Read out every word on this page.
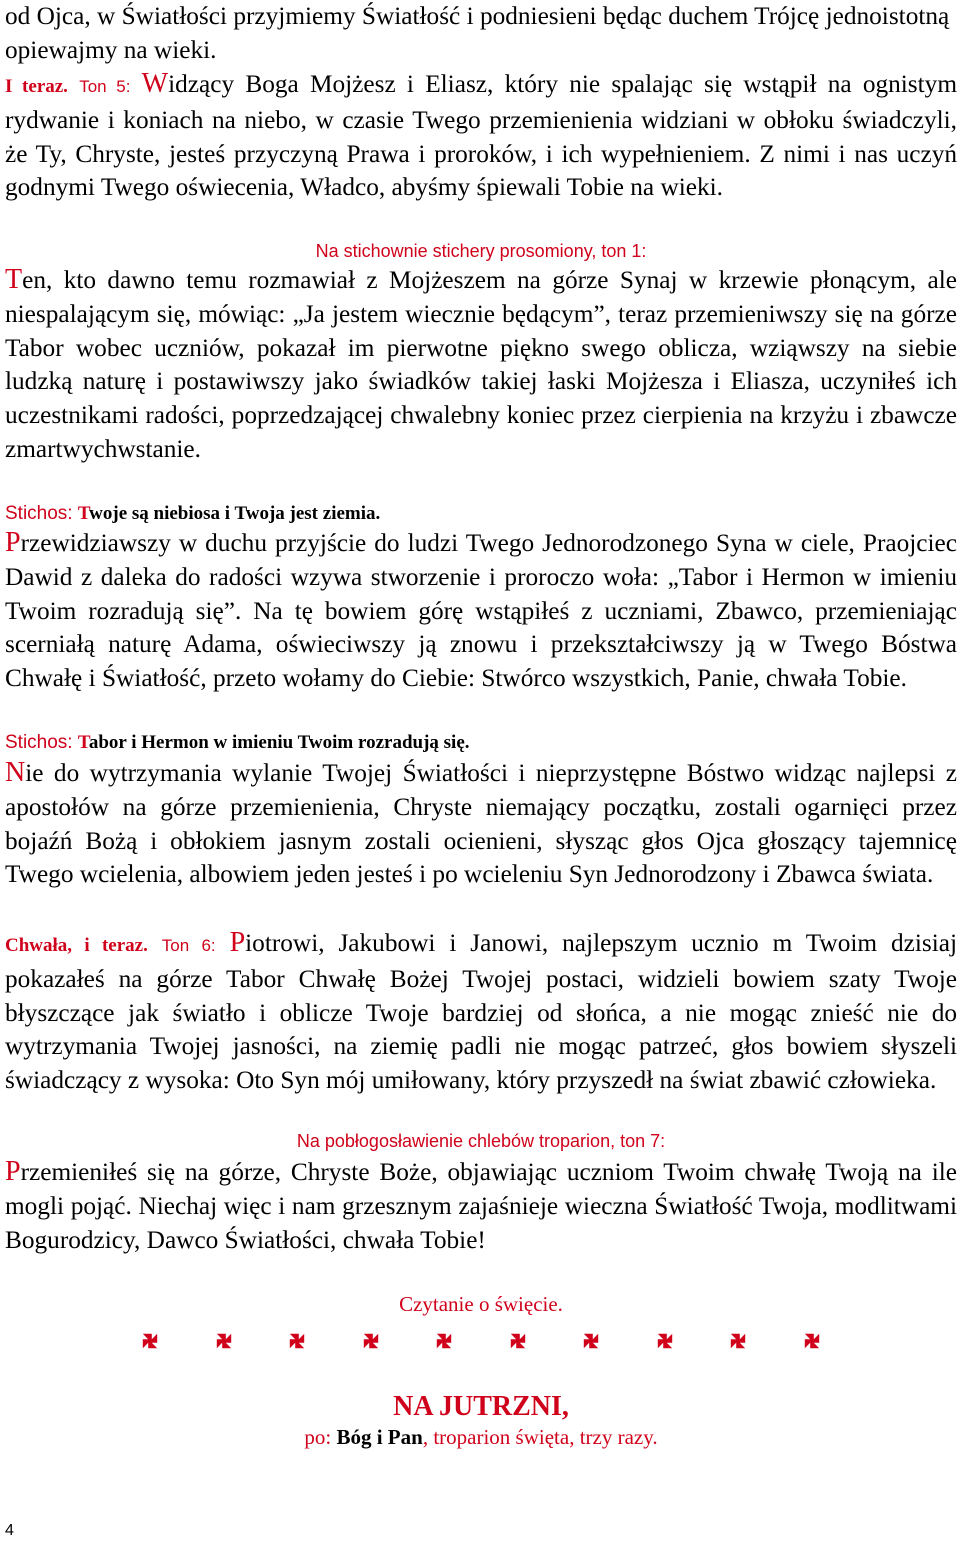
od Ojca, w Światłości przyjmiemy Światłość i podniesieni będąc duchem Trójcę jednoistotną opiewajmy na wieki.

I teraz. Ton 5: Widzący Boga Mojżesz i Eliasz, który nie spalając się wstąpił na ognistym rydwanie i koniach na niebo, w czasie Twego przemienienia widziani w obłoku świadczyli, że Ty, Chryste, jesteś przyczyną Prawa i proroków, i ich wypełnieniem. Z nimi i nas uczyń godnymi Twego oświecenia, Władco, abyśmy śpiewali Tobie na wieki.

Na stichownie stichery prosomiony, ton 1:

Ten, kto dawno temu rozmawiał z Mojżeszem na górze Synaj w krzewie płonącym, ale niespalającym się, mówiąc: „Ja jestem wiecznie będącym”, teraz przemieniwszy się na górze Tabor wobec uczniów, pokazał im pierwotne piękno swego oblicza, wziąwszy na siebie ludzką naturę i postawiwszy jako świadków takiej łaski Mojżesza i Eliasza, uczyniłeś ich uczestnikami radości, poprzedzającej chwalebny koniec przez cierpienia na krzyżu i zbawcze zmartwychwstanie.

Stichos: Twoje są niebiosa i Twoja jest ziemia.

Przewidziawszy w duchu przyjście do ludzi Twego Jednorodzonego Syna w ciele, Praojciec Dawid z daleka do radości wzywa stworzenie i proroczo woła: „Tabor i Hermon w imieniu Twoim rozradują się”. Na tę bowiem górę wstąpiłeś z uczniami, Zbawco, przemieniając scerniałą naturę Adama, oświeciwszy ją znowu i przekształciwszy ją w Twego Bóstwa Chwałę i Światłość, przeto wołamy do Ciebie: Stwórco wszystkich, Panie, chwała Tobie.

Stichos: Tabor i Hermon w imieniu Twoim rozradują się.

Nie do wytrzymania wylanie Twojej Światłości i nieprzystępne Bóstwo widząc najlepsi z apostołów na górze przemienienia, Chryste niemający początku, zostali ogarnięci przez bojaźń Bożą i obłokiem jasnym zostali ocienieni, słysząc głos Ojca głoszący tajemnicę Twego wcielenia, albowiem jeden jesteś i po wcieleniu Syn Jednorodzony i Zbawca świata.

Chwała, i teraz. Ton 6: Piotrowi, Jakubowi i Janowi, najlepszym ucznio m Twoim dzisiaj pokazałeś na górze Tabor Chwałę Bożej Twojej postaci, widzieli bowiem szaty Twoje błyszczące jak światło i oblicze Twoje bardziej od słońca, a nie mogąc znieść nie do wytrzymania Twojej jasności, na ziemię padli nie mogąc patrzeć, głos bowiem słyszeli świadczący z wysoka: Oto Syn mój umiłowany, który przyszedł na świat zbawić człowieka.

Na pobłogosławienie chlebów troparion, ton 7:

Przemieniłeś się na górze, Chryste Boże, objawiając uczniom Twoim chwałę Twoją na ile mogli pojąć. Niechaj więc i nam grzesznym zajaśnieje wieczna Światłość Twoja, modlitwami Bogurodzicy, Dawco Światłości, chwała Tobie!

Czytanie o święcie.
NA JUTRZNI,
po: Bóg i Pan, troparion święta, trzy razy.
4
